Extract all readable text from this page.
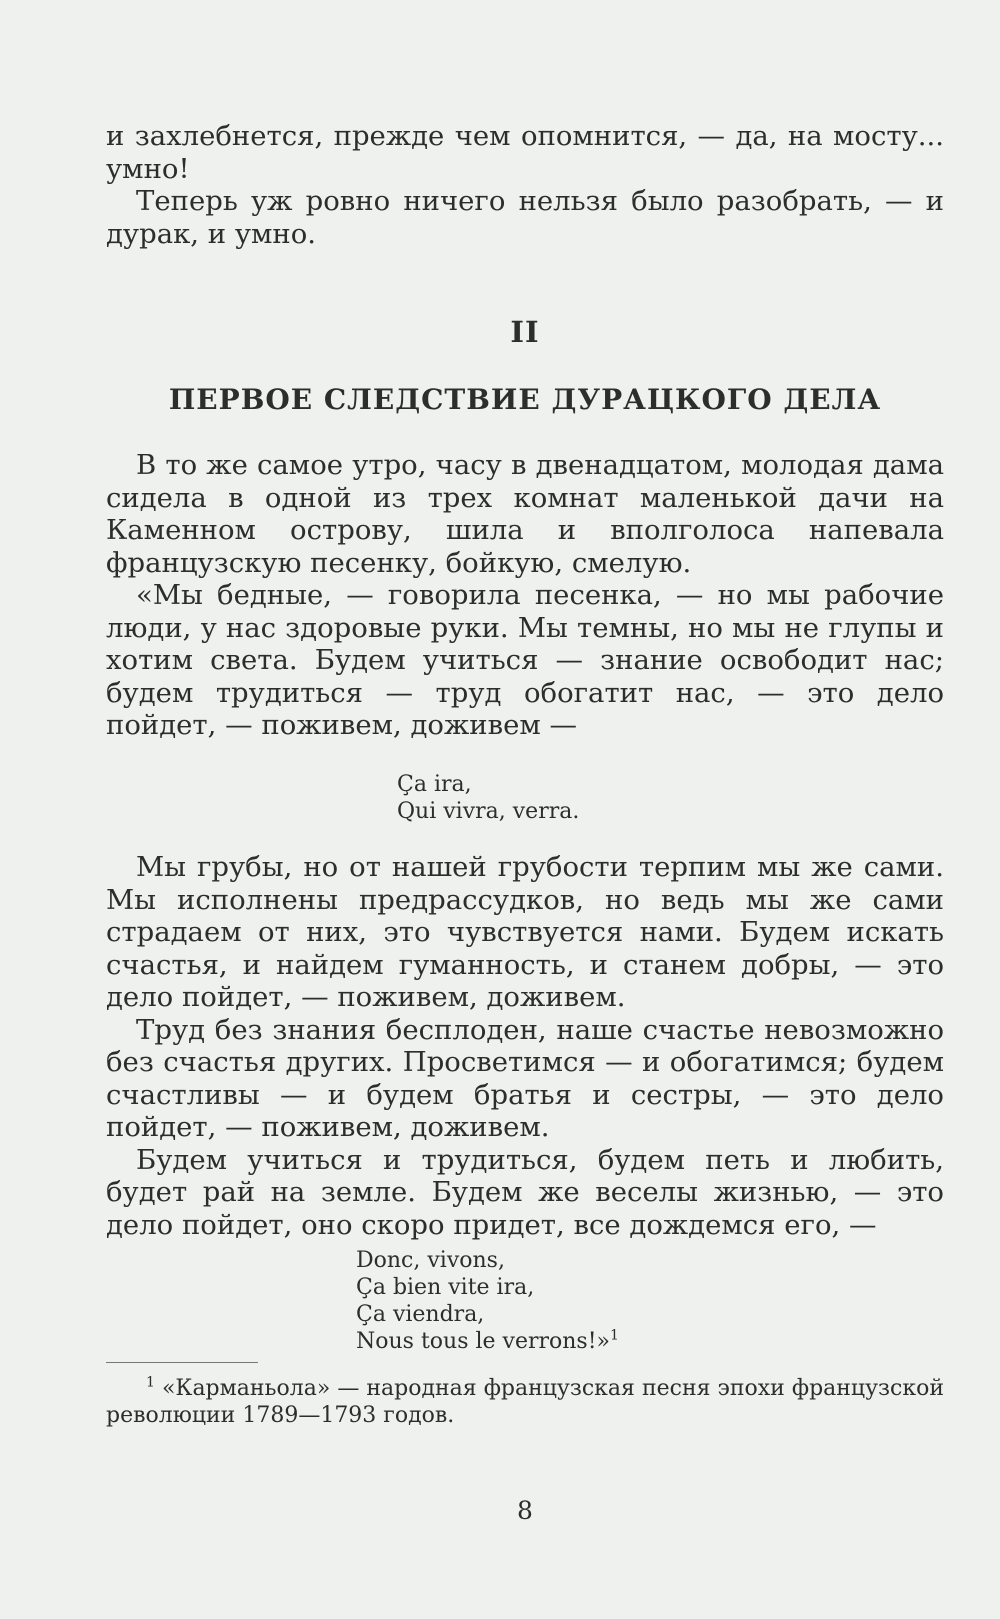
и захлебнется, прежде чем опомнится, — да, на мосту... умно!

Теперь уж ровно ничего нельзя было разобрать, — и дурак, и умно.

II
ПЕРВОЕ СЛЕДСТВИЕ ДУРАЦКОГО ДЕЛА

В то же самое утро, часу в двенадцатом, молодая дама сидела в одной из трех комнат маленькой дачи на Каменном острову, шила и вполголоса напевала французскую песенку, бойкую, смелую.

«Мы бедные, — говорила песенка, — но мы рабочие люди, у нас здоровые руки. Мы темны, но мы не глупы и хотим света. Будем учиться — знание освободит нас; будем трудиться — труд обогатит нас, — это дело пойдет, — поживем, доживем —

Ça ira,
Qui vivra, verra.

Мы грубы, но от нашей грубости терпим мы же сами. Мы исполнены предрассудков, но ведь мы же сами страдаем от них, это чувствуется нами. Будем искать счастья, и найдем гуманность, и станем добры, — это дело пойдет, — поживем, доживем.

Труд без знания бесплоден, наше счастье невозможно без счастья других. Просветимся — и обогатимся; будем счастливы — и будем братья и сестры, — это дело пойдет, — поживем, доживем.

Будем учиться и трудиться, будем петь и любить, будет рай на земле. Будем же веселы жизнью, — это дело пойдет, оно скоро придет, все дождемся его, —

Donc, vivons,
Ça bien vite ira,
Ça viendra,
Nous tous le verrons!»$^1$
$^1$ «Карманьола» — народная французская песня эпохи французской революции 1789—1793 годов.
8
